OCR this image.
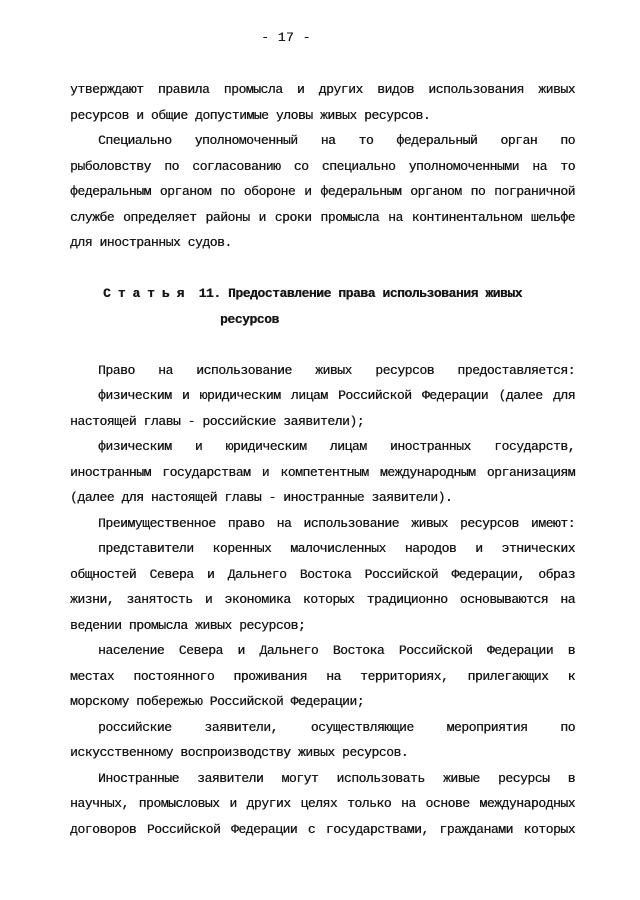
- 17 -
утверждают правила промысла и других видов использования живых
ресурсов и общие допустимые уловы живых ресурсов.
Специально уполномоченный на то федеральный орган по
рыболовству по согласованию со специально уполномоченными на то
федеральным органом по обороне и федеральным органом по пограничной
службе определяет районы и сроки промысла на континентальном шельфе
для иностранных судов.
С т а т ь я  11. Предоставление права использования живых
ресурсов
Право на использование живых ресурсов предоставляется:
физическим и юридическим лицам Российской Федерации (далее для
настоящей главы - российские заявители);
физическим и юридическим лицам иностранных государств,
иностранным государствам и компетентным международным организациям
(далее для настоящей главы - иностранные заявители).
Преимущественное право на использование живых ресурсов имеют:
представители коренных малочисленных народов и этнических
общностей Севера и Дальнего Востока Российской Федерации, образ
жизни, занятость и экономика которых традиционно основываются на
ведении промысла живых ресурсов;
население Севера и Дальнего Востока Российской Федерации в
местах постоянного проживания на территориях, прилегающих к
морскому побережью Российской Федерации;
российские заявители, осуществляющие мероприятия по
искусственному воспроизводству живых ресурсов.
Иностранные заявители могут использовать живые ресурсы в
научных, промысловых и других целях только на основе международных
договоров Российской Федерации с государствами, гражданами которых
